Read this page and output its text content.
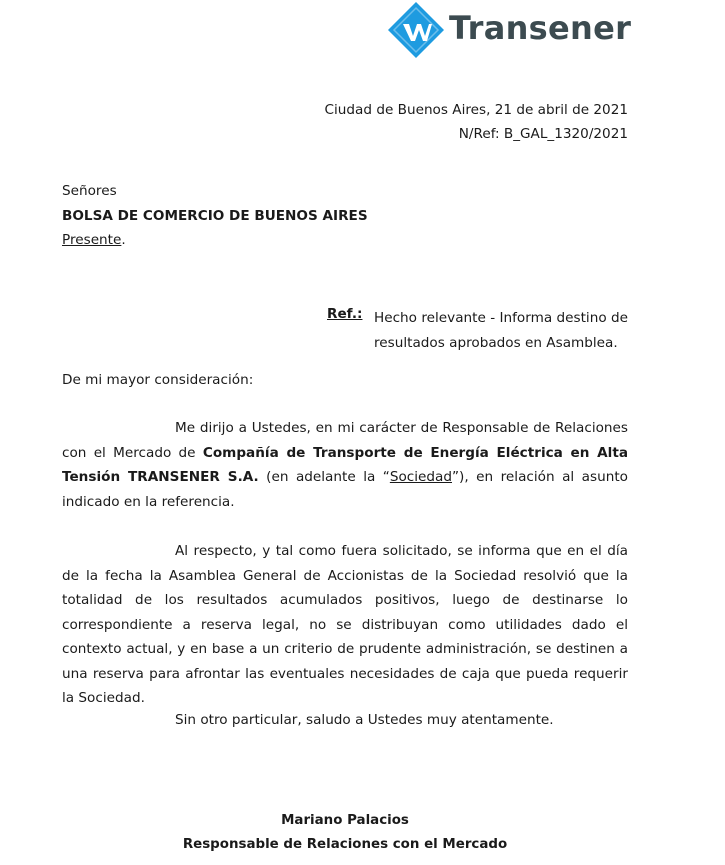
Transener
Ciudad de Buenos Aires, 21 de abril de 2021
N/Ref: B_GAL_1320/2021
Señores
BOLSA DE COMERCIO DE BUENOS AIRES
Presente.
Ref.: Hecho relevante - Informa destino de resultados aprobados en Asamblea.
De mi mayor consideración:

Me dirijo a Ustedes, en mi carácter de Responsable de Relaciones con el Mercado de Compañía de Transporte de Energía Eléctrica en Alta Tensión TRANSENER S.A. (en adelante la “Sociedad”), en relación al asunto indicado en la referencia.

Al respecto, y tal como fuera solicitado, se informa que en el día de la fecha la Asamblea General de Accionistas de la Sociedad resolvió que la totalidad de los resultados acumulados positivos, luego de destinarse lo correspondiente a reserva legal, no se distribuyan como utilidades dado el contexto actual, y en base a un criterio de prudente administración, se destinen a una reserva para afrontar las eventuales necesidades de caja que pueda requerir la Sociedad.

Sin otro particular, saludo a Ustedes muy atentamente.
Mariano Palacios
Responsable de Relaciones con el Mercado
